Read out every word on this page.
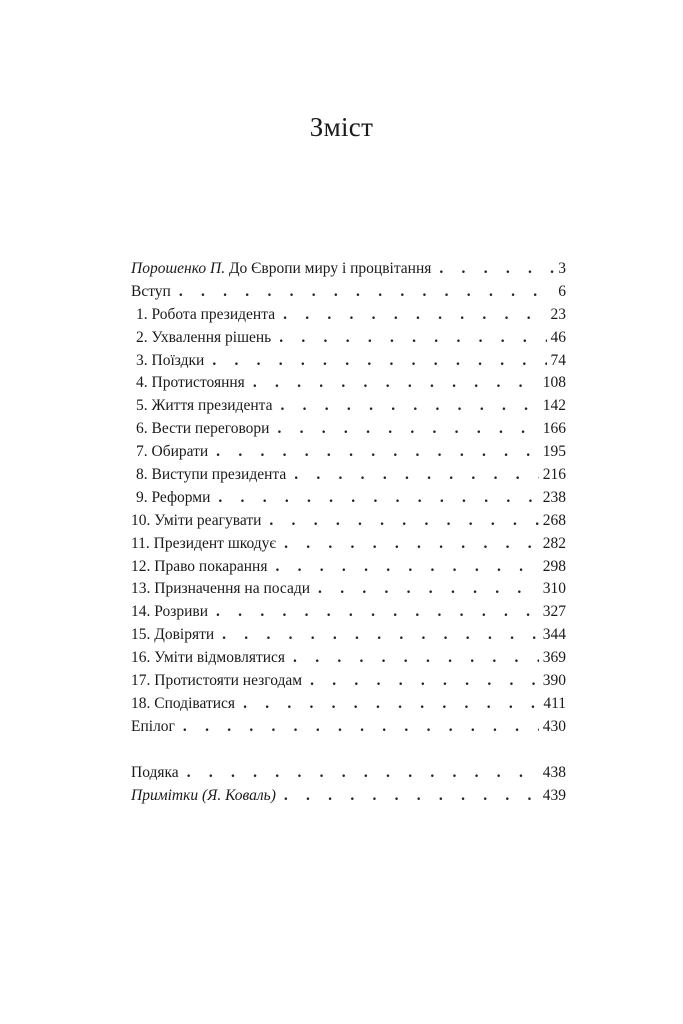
Зміст
Порошенко П. До Європи миру і процвітання . . .	3
Вступ . . .	6
1. Робота президента . . .	23
2. Ухвалення рішень . . .	46
3. Поїздки . . .	74
4. Протистояння . . .	108
5. Життя президента . . .	142
6. Вести переговори . . .	166
7. Обирати . . .	195
8. Виступи президента . . .	216
9. Реформи . . .	238
10. Уміти реагувати . . .	268
11. Президент шкодує . . .	282
12. Право покарання . . .	298
13. Призначення на посади . . .	310
14. Розриви . . .	327
15. Довіряти . . .	344
16. Уміти відмовлятися . . .	369
17. Протистояти незгодам . . .	390
18. Сподіватися . . .	411
Епілог . . .	430
Подяка . . .	438
Примітки (Я. Коваль) . . .	439
